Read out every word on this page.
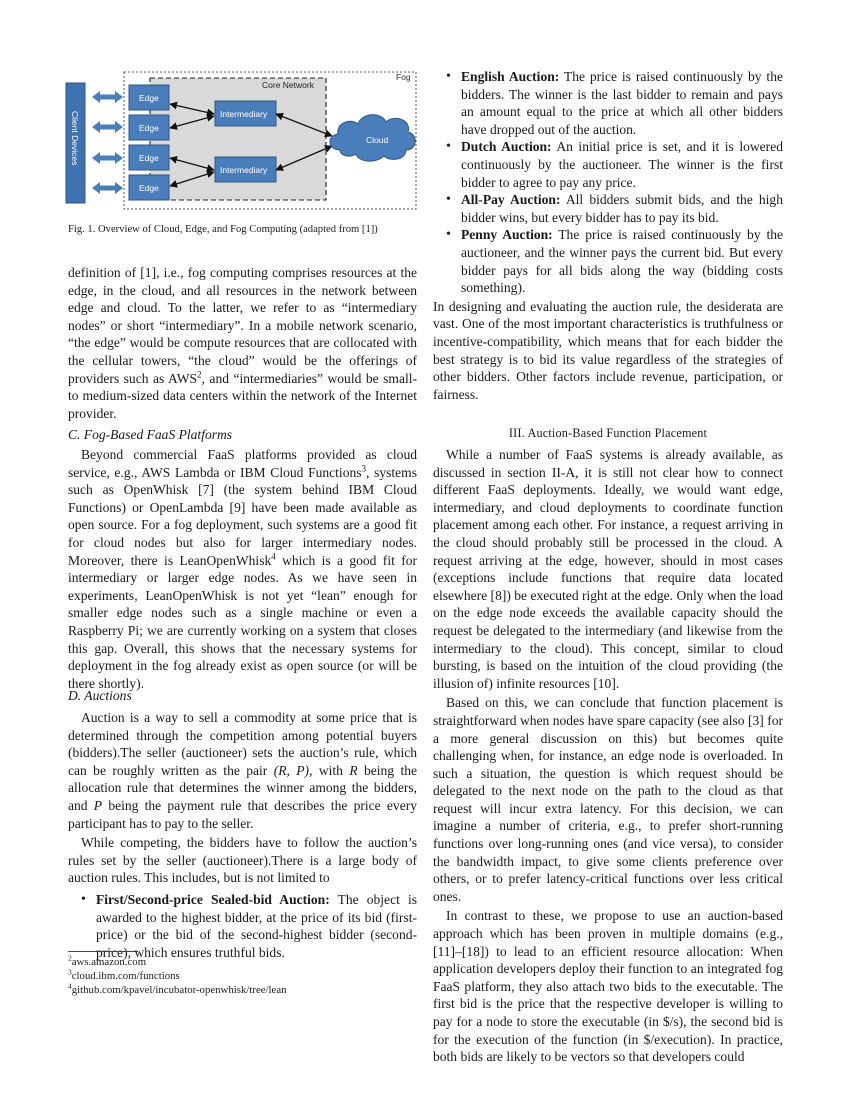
Fog
Core Network
Client Devices
Edge
Edge
Edge
Edge
Intermediary
Intermediary
Cloud
Fig. 1. Overview of Cloud, Edge, and Fog Computing (adapted from [1])

definition of [1], i.e., fog computing comprises resources at the edge, in the cloud, and all resources in the network between edge and cloud. To the latter, we refer to as “intermediary nodes” or short “intermediary”. In a mobile network scenario, “the edge” would be compute resources that are collocated with the cellular towers, “the cloud” would be the offerings of providers such as AWS$^2$, and “intermediaries” would be small- to medium-sized data centers within the network of the Internet provider.

C. Fog-Based FaaS Platforms

Beyond commercial FaaS platforms provided as cloud service, e.g., AWS Lambda or IBM Cloud Functions$^3$, systems such as OpenWhisk [7] (the system behind IBM Cloud Functions) or OpenLambda [9] have been made available as open source. For a fog deployment, such systems are a good fit for cloud nodes but also for larger intermediary nodes. Moreover, there is LeanOpenWhisk$^4$ which is a good fit for intermediary or larger edge nodes. As we have seen in experiments, LeanOpenWhisk is not yet “lean” enough for smaller edge nodes such as a single machine or even a Raspberry Pi; we are currently working on a system that closes this gap. Overall, this shows that the necessary systems for deployment in the fog already exist as open source (or will be there shortly).

D. Auctions

Auction is a way to sell a commodity at some price that is determined through the competition among potential buyers (bidders).The seller (auctioneer) sets the auction’s rule, which can be roughly written as the pair (R, P), with R being the allocation rule that determines the winner among the bidders, and P being the payment rule that describes the price every participant has to pay to the seller.

While competing, the bidders have to follow the auction’s rules set by the seller (auctioneer).There is a large body of auction rules. This includes, but is not limited to

• First/Second-price Sealed-bid Auction: The object is awarded to the highest bidder, at the price of its bid (first-price) or the bid of the second-highest bidder (second-price), which ensures truthful bids.
$^2$aws.amazon.com
$^3$cloud.ibm.com/functions
$^4$github.com/kpavel/incubator-openwhisk/tree/lean
• English Auction: The price is raised continuously by the bidders. The winner is the last bidder to remain and pays an amount equal to the price at which all other bidders have dropped out of the auction.
• Dutch Auction: An initial price is set, and it is lowered continuously by the auctioneer. The winner is the first bidder to agree to pay any price.
• All-Pay Auction: All bidders submit bids, and the high bidder wins, but every bidder has to pay its bid.
• Penny Auction: The price is raised continuously by the auctioneer, and the winner pays the current bid. But every bidder pays for all bids along the way (bidding costs something).

In designing and evaluating the auction rule, the desiderata are vast. One of the most important characteristics is truthfulness or incentive-compatibility, which means that for each bidder the best strategy is to bid its value regardless of the strategies of other bidders. Other factors include revenue, participation, or fairness.

III. Auction-Based Function Placement

While a number of FaaS systems is already available, as discussed in section II-A, it is still not clear how to connect different FaaS deployments. Ideally, we would want edge, intermediary, and cloud deployments to coordinate function placement among each other. For instance, a request arriving in the cloud should probably still be processed in the cloud. A request arriving at the edge, however, should in most cases (exceptions include functions that require data located elsewhere [8]) be executed right at the edge. Only when the load on the edge node exceeds the available capacity should the request be delegated to the intermediary (and likewise from the intermediary to the cloud). This concept, similar to cloud bursting, is based on the intuition of the cloud providing (the illusion of) infinite resources [10].

Based on this, we can conclude that function placement is straightforward when nodes have spare capacity (see also [3] for a more general discussion on this) but becomes quite challenging when, for instance, an edge node is overloaded. In such a situation, the question is which request should be delegated to the next node on the path to the cloud as that request will incur extra latency. For this decision, we can imagine a number of criteria, e.g., to prefer short-running functions over long-running ones (and vice versa), to consider the bandwidth impact, to give some clients preference over others, or to prefer latency-critical functions over less critical ones.

In contrast to these, we propose to use an auction-based approach which has been proven in multiple domains (e.g., [11]–[18]) to lead to an efficient resource allocation: When application developers deploy their function to an integrated fog FaaS platform, they also attach two bids to the executable. The first bid is the price that the respective developer is willing to pay for a node to store the executable (in $/s), the second bid is for the execution of the function (in $/execution). In practice, both bids are likely to be vectors so that developers could
